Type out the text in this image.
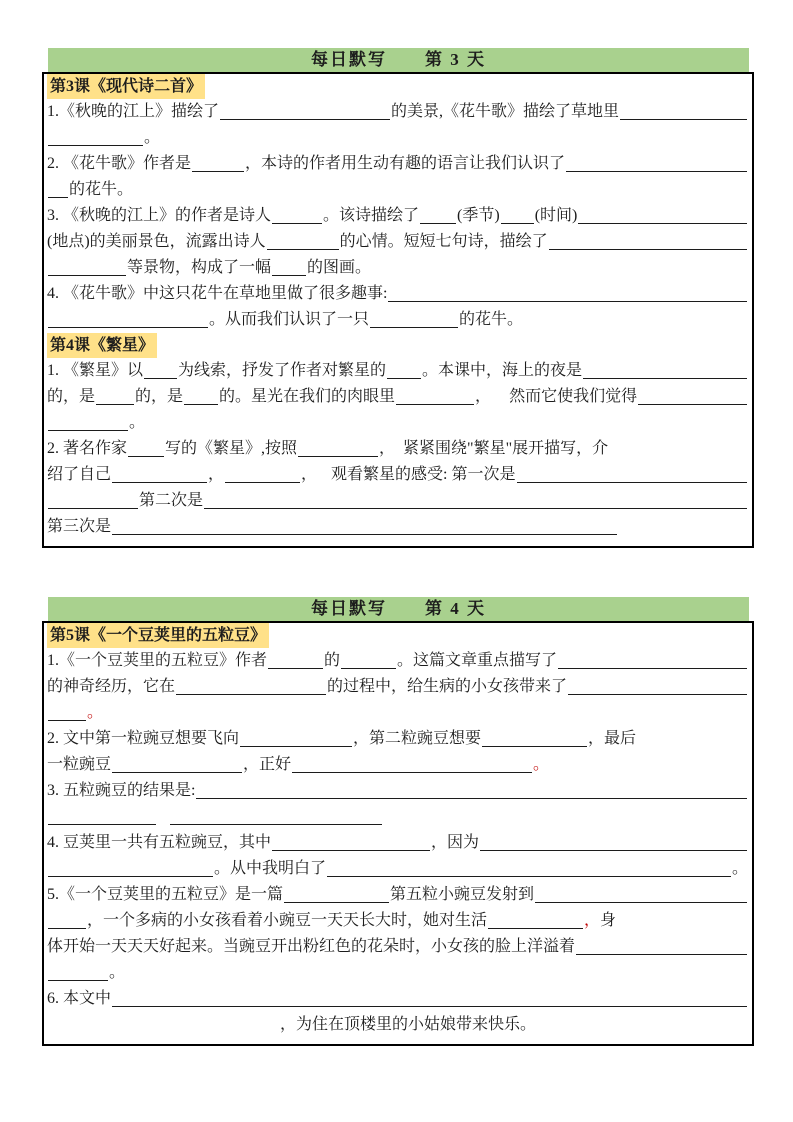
每日默写 第 3 天
第3课《现代诗二首》
1.《秋晚的江上》描绘了	的美景,《花牛歌》描绘了草地里
。
2. 《花牛歌》作者是	，本诗的作者用生动有趣的语言让我们认识了
的花牛。
3. 《秋晚的江上》的作者是诗人	。该诗描绘了 (季节) (时间)
(地点)的美丽景色，流露出诗人	的心情。短短七句诗，描绘了
等景物，构成了一幅 的图画。
4. 《花牛歌》中这只花牛在草地里做了很多趣事:
。从而我们认识了一只	的花牛。
第4课《繁星》
1. 《繁星》以 为线索，抒发了作者对繁星的 。本课中，海上的夜是
的，是	的，是 的。星光在我们的肉眼里	， 然而它使我们觉得
。
2. 著名作家 写的《繁星》,按照	， 紧紧围绕"繁星"展开描写，介
绍了自己	，	， 观看繁星的感受: 第一次是
第二次是
第三次是
每日默写 第 4 天
第5课《一个豆荚里的五粒豆》
1.《一个豆荚里的五粒豆》作者	的	。这篇文章重点描写了
的神奇经历，它在	的过程中，给生病的小女孩带来了
。
2. 文中第一粒豌豆想要飞向	，第二粒豌豆想要	，最后
一粒豌豆	，正好	。
3. 五粒豌豆的结果是:
4. 豆荚里一共有五粒豌豆，其中	，因为
。从中我明白了	。
5.《一个豆荚里的五粒豆》是一篇	第五粒小豌豆发射到
，一个多病的小女孩看着小豌豆一天天长大时，她对生活	， 身
体开始一天天天好起来。当豌豆开出粉红色的花朵时，小女孩的脸上洋溢着
。
6. 本文中
，为住在顶楼里的小姑娘带来快乐。
